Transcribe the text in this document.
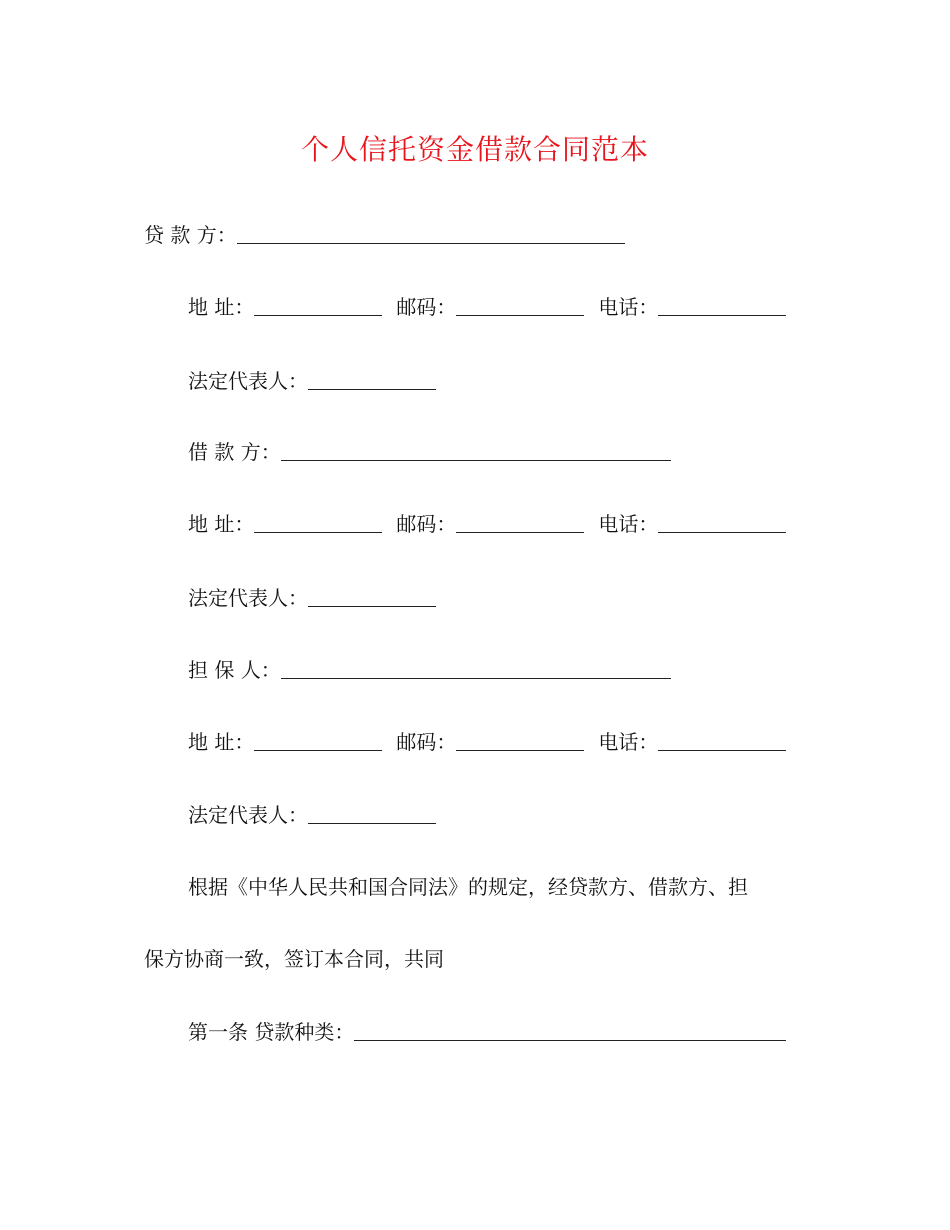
个人信托资金借款合同范本
贷 款 方：
地 址：	邮码：	电话：
法定代表人：
借 款 方：
地 址：	邮码：	电话：
法定代表人：
担 保 人：
地 址：	邮码：	电话：
法定代表人：
根据《中华人民共和国合同法》的规定，经贷款方、借款方、担
保方协商一致，签订本合同，共同
第一条 贷款种类：
